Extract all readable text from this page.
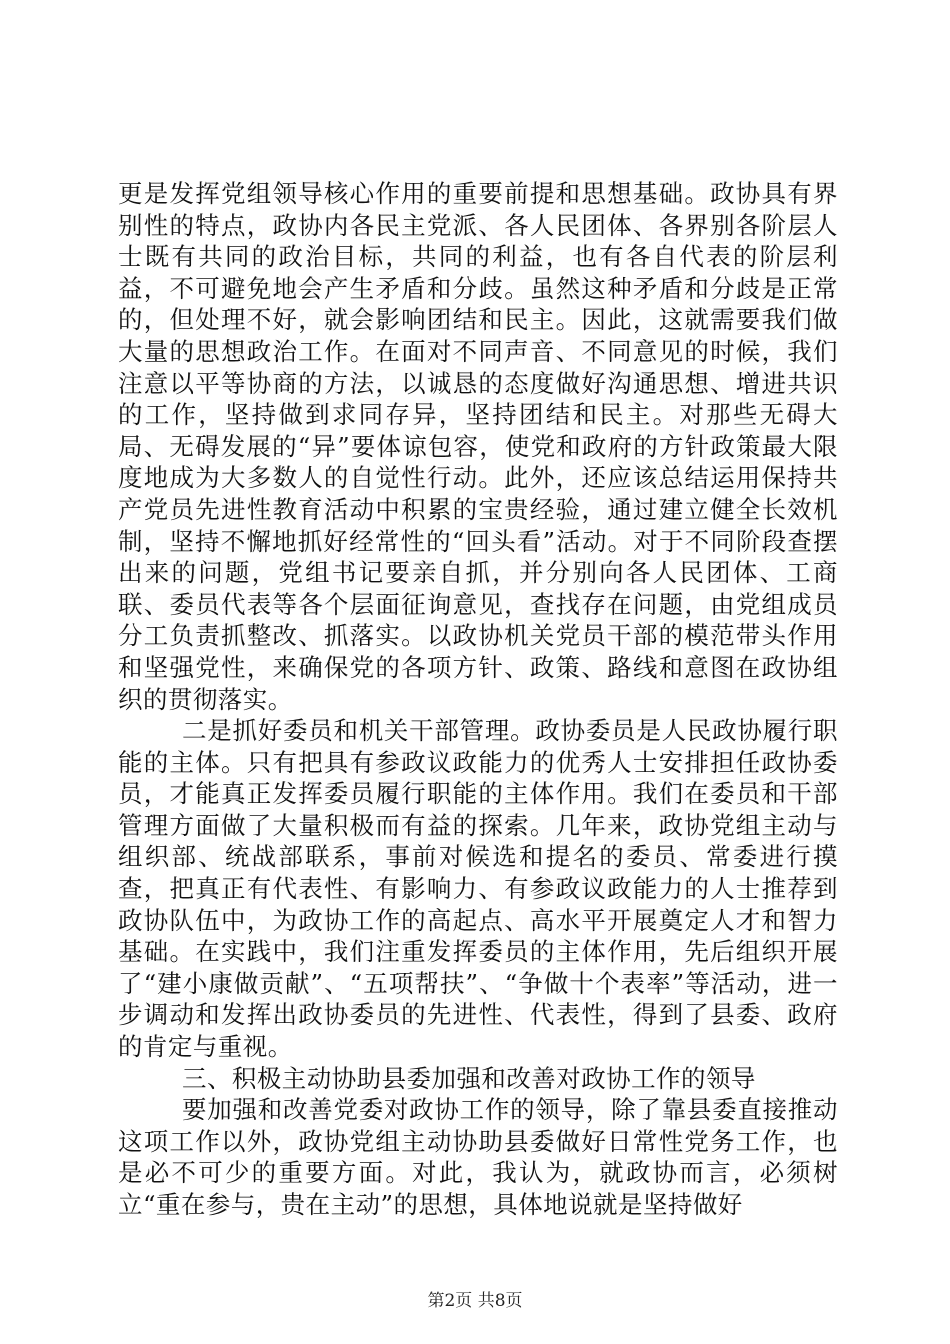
更是发挥党组领导核心作用的重要前提和思想基础。政协具有界别性的特点，政协内各民主党派、各人民团体、各界别各阶层人士既有共同的政治目标，共同的利益，也有各自代表的阶层利益，不可避免地会产生矛盾和分歧。虽然这种矛盾和分歧是正常的，但处理不好，就会影响团结和民主。因此，这就需要我们做大量的思想政治工作。在面对不同声音、不同意见的时候，我们注意以平等协商的方法，以诚恳的态度做好沟通思想、增进共识的工作，坚持做到求同存异，坚持团结和民主。对那些无碍大局、无碍发展的“异”要体谅包容，使党和政府的方针政策最大限度地成为大多数人的自觉性行动。此外，还应该总结运用保持共产党员先进性教育活动中积累的宝贵经验，通过建立健全长效机制，坚持不懈地抓好经常性的“回头看”活动。对于不同阶段查摆出来的问题，党组书记要亲自抓，并分别向各人民团体、工商联、委员代表等各个层面征询意见，查找存在问题，由党组成员分工负责抓整改、抓落实。以政协机关党员干部的模范带头作用和坚强党性，来确保党的各项方针、政策、路线和意图在政协组织的贯彻落实。

二是抓好委员和机关干部管理。政协委员是人民政协履行职能的主体。只有把具有参政议政能力的优秀人士安排担任政协委员，才能真正发挥委员履行职能的主体作用。我们在委员和干部管理方面做了大量积极而有益的探索。几年来，政协党组主动与组织部、统战部联系，事前对候选和提名的委员、常委进行摸查，把真正有代表性、有影响力、有参政议政能力的人士推荐到政协队伍中，为政协工作的高起点、高水平开展奠定人才和智力基础。在实践中，我们注重发挥委员的主体作用，先后组织开展了“建小康做贡献”、“五项帮扶”、“争做十个表率”等活动，进一步调动和发挥出政协委员的先进性、代表性，得到了县委、政府的肯定与重视。

三、积极主动协助县委加强和改善对政协工作的领导

要加强和改善党委对政协工作的领导，除了靠县委直接推动这项工作以外，政协党组主动协助县委做好日常性党务工作，也是必不可少的重要方面。对此，我认为，就政协而言，必须树立“重在参与，贵在主动”的思想，具体地说就是坚持做好

第2页 共8页
